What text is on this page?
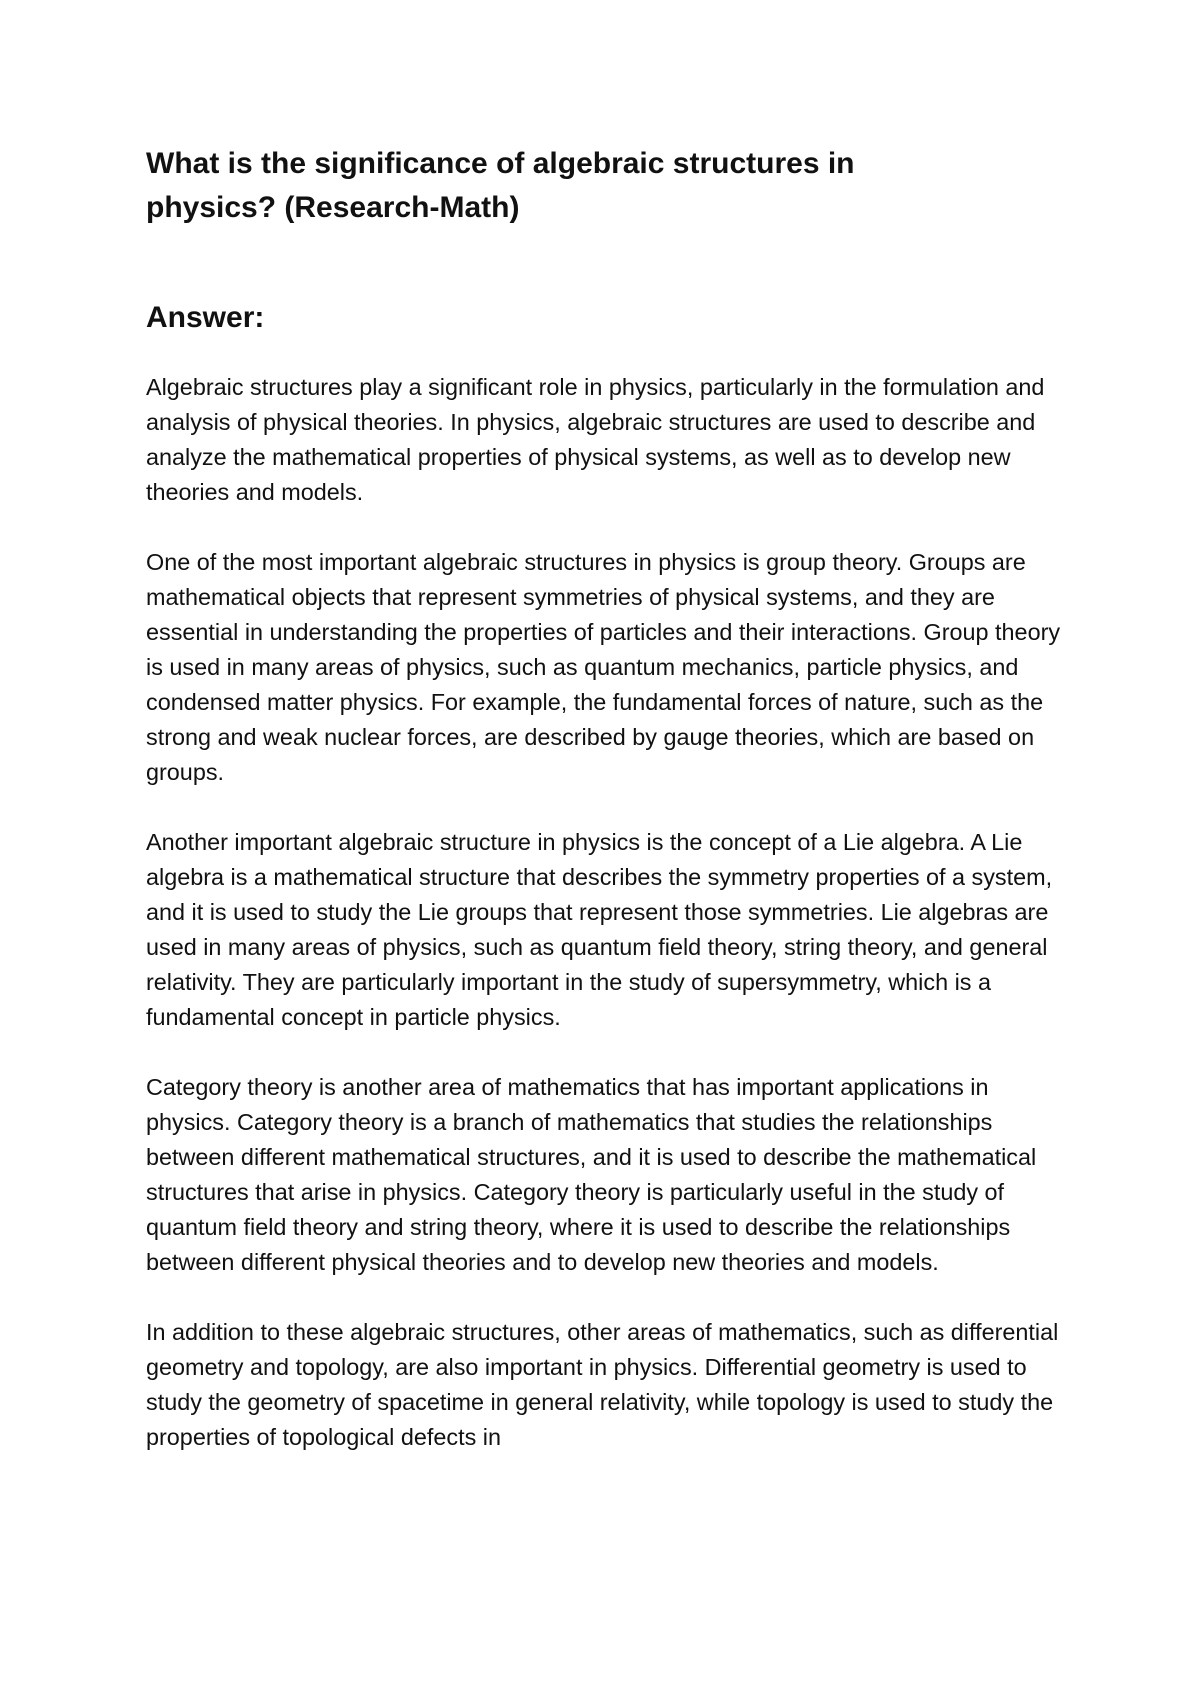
What is the significance of algebraic structures in physics? (Research-Math)
Answer:

Algebraic structures play a significant role in physics, particularly in the formulation and analysis of physical theories. In physics, algebraic structures are used to describe and analyze the mathematical properties of physical systems, as well as to develop new theories and models.

One of the most important algebraic structures in physics is group theory. Groups are mathematical objects that represent symmetries of physical systems, and they are essential in understanding the properties of particles and their interactions. Group theory is used in many areas of physics, such as quantum mechanics, particle physics, and condensed matter physics. For example, the fundamental forces of nature, such as the strong and weak nuclear forces, are described by gauge theories, which are based on groups.

Another important algebraic structure in physics is the concept of a Lie algebra. A Lie algebra is a mathematical structure that describes the symmetry properties of a system, and it is used to study the Lie groups that represent those symmetries. Lie algebras are used in many areas of physics, such as quantum field theory, string theory, and general relativity. They are particularly important in the study of supersymmetry, which is a fundamental concept in particle physics.

Category theory is another area of mathematics that has important applications in physics. Category theory is a branch of mathematics that studies the relationships between different mathematical structures, and it is used to describe the mathematical structures that arise in physics. Category theory is particularly useful in the study of quantum field theory and string theory, where it is used to describe the relationships between different physical theories and to develop new theories and models.

In addition to these algebraic structures, other areas of mathematics, such as differential geometry and topology, are also important in physics. Differential geometry is used to study the geometry of spacetime in general relativity, while topology is used to study the properties of topological defects in
